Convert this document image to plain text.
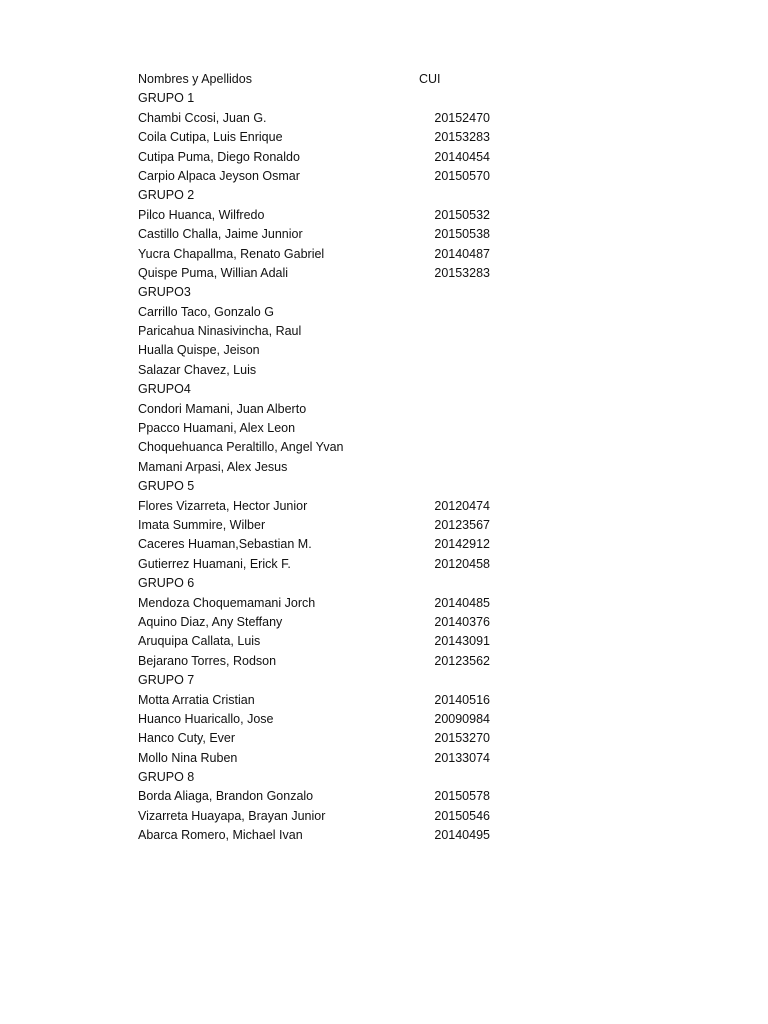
Nombres y Apellidos	CUI
GRUPO 1
Chambi Ccosi, Juan G.	20152470
Coila Cutipa, Luis Enrique	20153283
Cutipa Puma, Diego Ronaldo	20140454
Carpio Alpaca Jeyson Osmar	20150570
GRUPO 2
Pilco Huanca, Wilfredo	20150532
Castillo Challa, Jaime Junnior	20150538
Yucra Chapallma, Renato Gabriel	20140487
Quispe Puma, Willian Adali	20153283
GRUPO3
Carrillo Taco, Gonzalo G
Paricahua Ninasivincha, Raul
Hualla Quispe, Jeison
Salazar Chavez, Luis
GRUPO4
Condori Mamani, Juan Alberto
Ppacco Huamani, Alex Leon
Choquehuanca Peraltillo, Angel Yvan
Mamani Arpasi, Alex Jesus
GRUPO 5
Flores Vizarreta, Hector Junior	20120474
Imata Summire, Wilber	20123567
Caceres Huaman,Sebastian M.	20142912
Gutierrez Huamani, Erick F.	20120458
GRUPO 6
Mendoza Choquemamani Jorch	20140485
Aquino Diaz, Any Steffany	20140376
Aruquipa Callata, Luis	20143091
Bejarano Torres, Rodson	20123562
GRUPO 7
Motta Arratia Cristian	20140516
Huanco Huaricallo, Jose	20090984
Hanco Cuty, Ever	20153270
Mollo Nina Ruben	20133074
GRUPO 8
Borda Aliaga, Brandon Gonzalo	20150578
Vizarreta Huayapa, Brayan Junior	20150546
Abarca Romero, Michael Ivan	20140495
